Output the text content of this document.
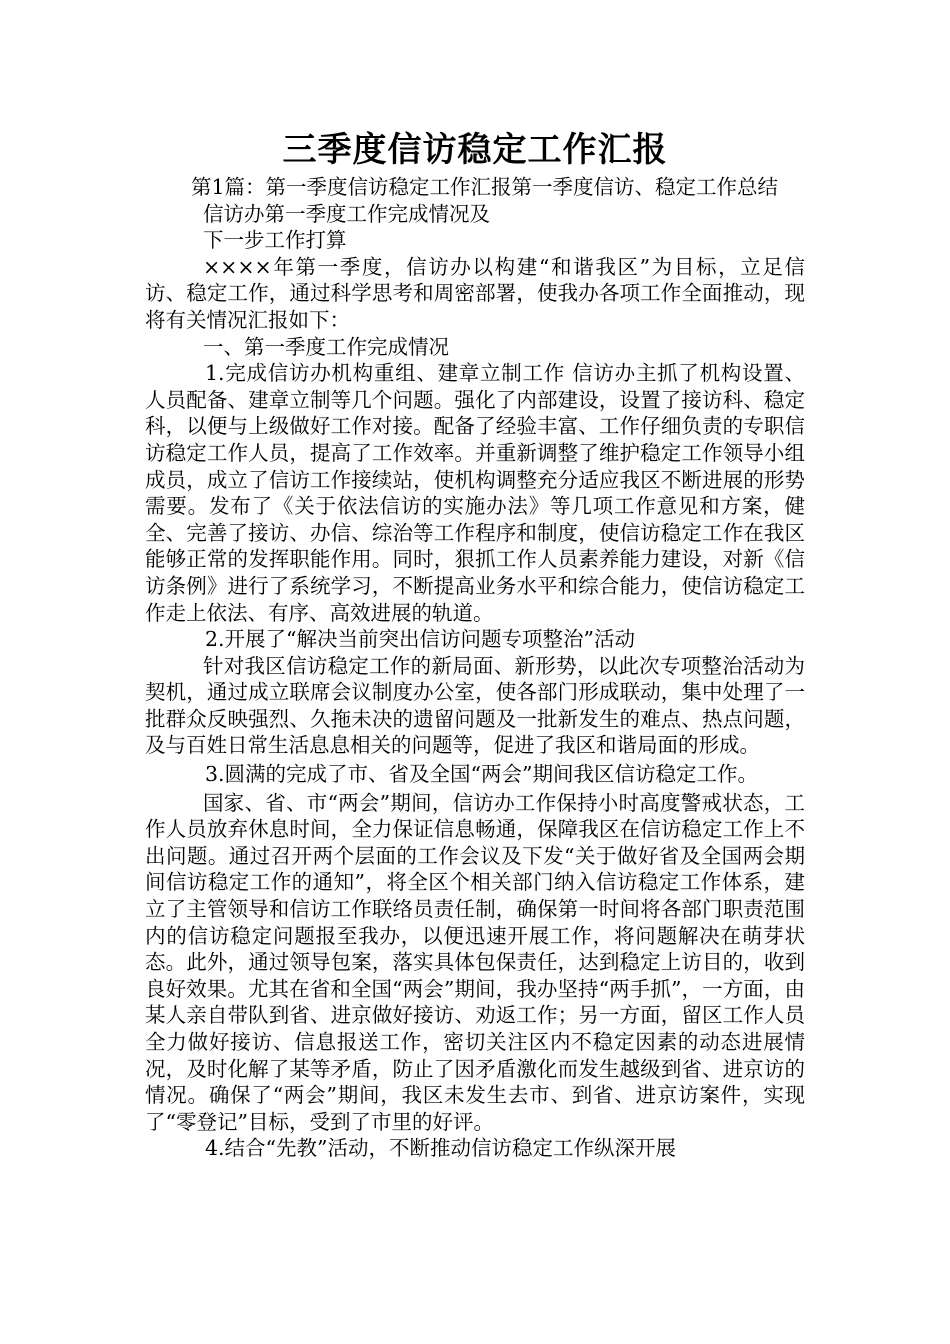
三季度信访稳定工作汇报

第1篇：第一季度信访稳定工作汇报第一季度信访、稳定工作总结

信访办第一季度工作完成情况及

下一步工作打算

××××年第一季度，信访办以构建“和谐我区”为目标，立足信访、稳定工作，通过科学思考和周密部署，使我办各项工作全面推动，现将有关情况汇报如下：

一、第一季度工作完成情况

1.完成信访办机构重组、建章立制工作 信访办主抓了机构设置、人员配备、建章立制等几个问题。强化了内部建设，设置了接访科、稳定科，以便与上级做好工作对接。配备了经验丰富、工作仔细负责的专职信访稳定工作人员，提高了工作效率。并重新调整了维护稳定工作领导小组成员，成立了信访工作接续站，使机构调整充分适应我区不断进展的形势需要。发布了《关于依法信访的实施办法》等几项工作意见和方案，健全、完善了接访、办信、综治等工作程序和制度，使信访稳定工作在我区能够正常的发挥职能作用。同时，狠抓工作人员素养能力建设，对新《信访条例》进行了系统学习，不断提高业务水平和综合能力，使信访稳定工作走上依法、有序、高效进展的轨道。

2.开展了“解决当前突出信访问题专项整治”活动

针对我区信访稳定工作的新局面、新形势，以此次专项整治活动为契机，通过成立联席会议制度办公室，使各部门形成联动，集中处理了一批群众反映强烈、久拖未决的遗留问题及一批新发生的难点、热点问题，及与百姓日常生活息息相关的问题等，促进了我区和谐局面的形成。

3.圆满的完成了市、省及全国“两会”期间我区信访稳定工作。

国家、省、市“两会”期间，信访办工作保持小时高度警戒状态，工作人员放弃休息时间，全力保证信息畅通，保障我区在信访稳定工作上不出问题。通过召开两个层面的工作会议及下发“关于做好省及全国两会期间信访稳定工作的通知”，将全区个相关部门纳入信访稳定工作体系，建立了主管领导和信访工作联络员责任制，确保第一时间将各部门职责范围内的信访稳定问题报至我办，以便迅速开展工作，将问题解决在萌芽状态。此外，通过领导包案，落实具体包保责任，达到稳定上访目的，收到良好效果。尤其在省和全国“两会”期间，我办坚持“两手抓”，一方面，由某人亲自带队到省、进京做好接访、劝返工作；另一方面，留区工作人员全力做好接访、信息报送工作，密切关注区内不稳定因素的动态进展情况，及时化解了某等矛盾，防止了因矛盾激化而发生越级到省、进京访的情况。确保了“两会”期间，我区未发生去市、到省、进京访案件，实现了“零登记”目标，受到了市里的好评。

4.结合“先教”活动，不断推动信访稳定工作纵深开展
